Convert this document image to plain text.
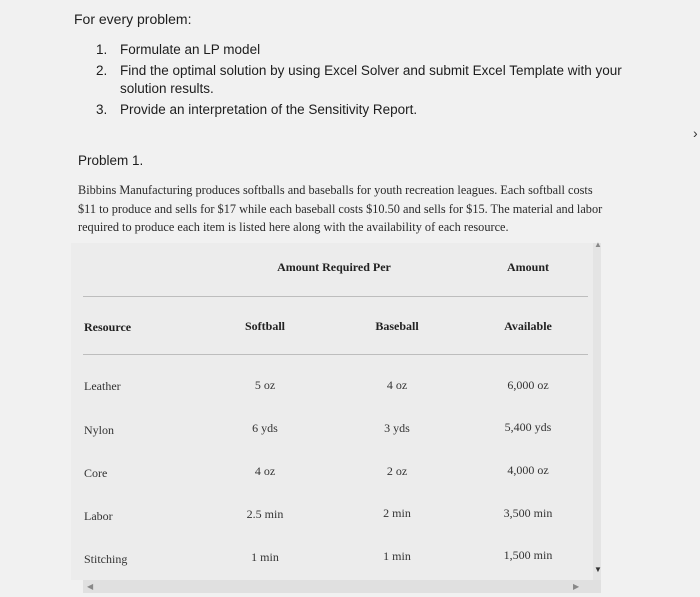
For every problem:
1. Formulate an LP model
2. Find the optimal solution by using Excel Solver and submit Excel Template with your solution results.
3. Provide an interpretation of the Sensitivity Report.
Problem 1.
Bibbins Manufacturing produces softballs and baseballs for youth recreation leagues. Each softball costs $11 to produce and sells for $17 while each baseball costs $10.50 and sells for $15. The material and labor required to produce each item is listed here along with the availability of each resource.
Amount Required Per	Amount
Resource	Softball	Baseball	Available
Leather	5 oz	4 oz	6,000 oz
Nylon	6 yds	3 yds	5,400 yds
Core	4 oz	2 oz	4,000 oz
Labor	2.5 min	2 min	3,500 min
Stitching	1 min	1 min	1,500 min
▲
▼
◀	▶
›
